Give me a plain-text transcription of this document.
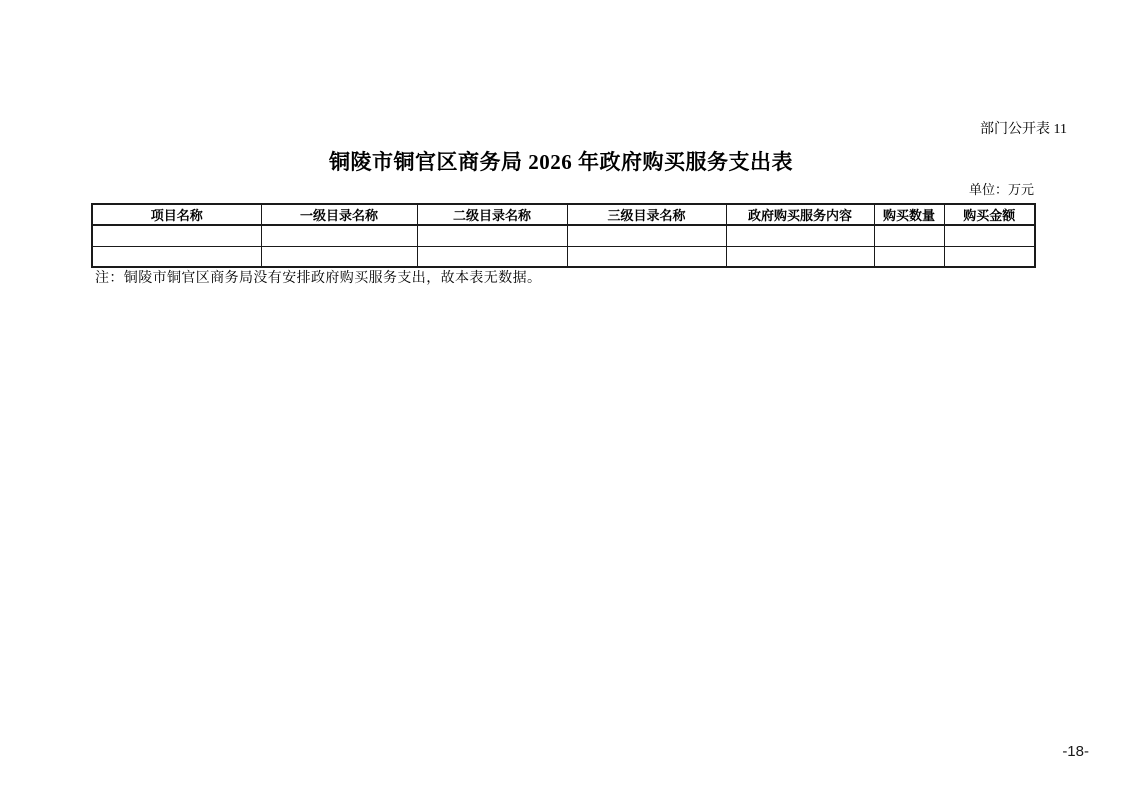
部门公开表 11
铜陵市铜官区商务局 2026 年政府购买服务支出表
单位：万元
项目名称	一级目录名称	二级目录名称	三级目录名称	政府购买服务内容	购买数量	购买金额

注：铜陵市铜官区商务局没有安排政府购买服务支出，故本表无数据。
-18-
